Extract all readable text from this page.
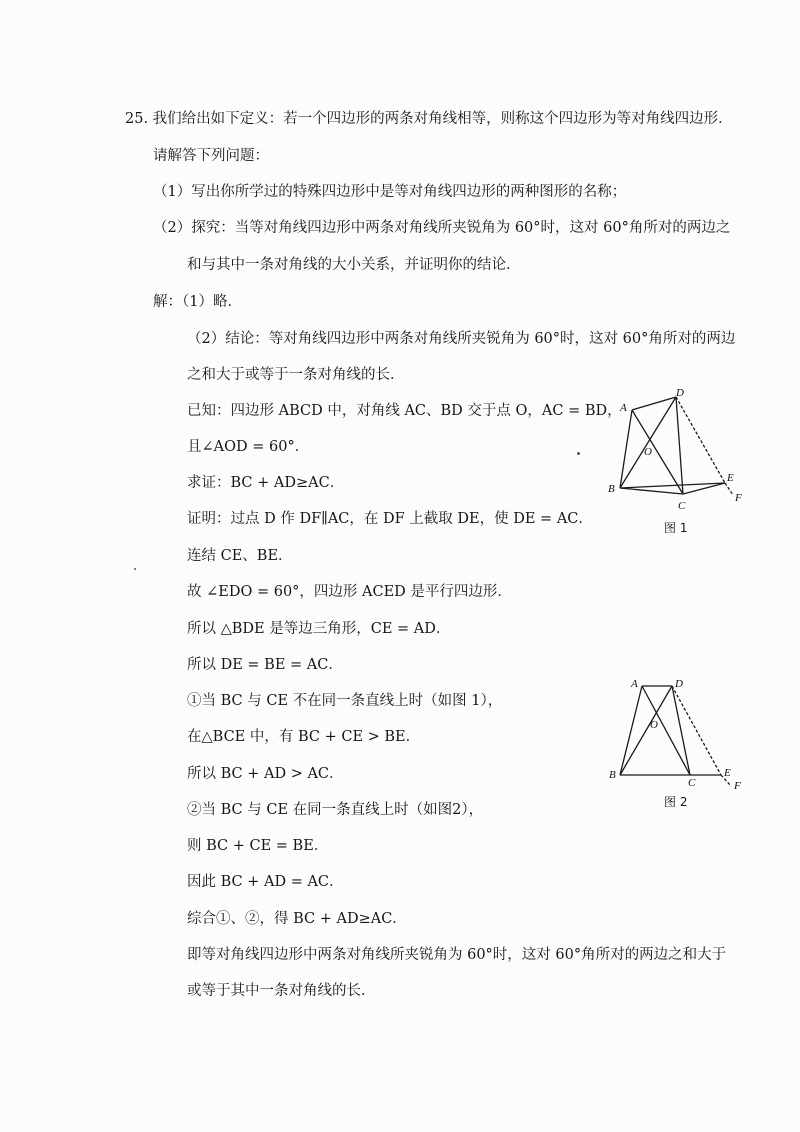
25. 我们给出如下定义：若一个四边形的两条对角线相等，则称这个四边形为等对角线四边形．
请解答下列问题：
（1）写出你所学过的特殊四边形中是等对角线四边形的两种图形的名称；
（2）探究：当等对角线四边形中两条对角线所夹锐角为 60°时，这对 60°角所对的两边之
和与其中一条对角线的大小关系，并证明你的结论．
解：（1）略．
（2）结论：等对角线四边形中两条对角线所夹锐角为 60°时，这对 60°角所对的两边
之和大于或等于一条对角线的长．
已知：四边形 ABCD 中，对角线 AC、BD 交于点 O，AC = BD，
且∠AOD = 60°．
求证：BC + AD≥AC．
证明：过点 D 作 DF∥AC，在 DF 上截取 DE，使 DE = AC．
连结 CE、BE．
故 ∠EDO = 60°，四边形 ACED 是平行四边形．
所以 △BDE 是等边三角形，CE = AD．
所以 DE = BE = AC．
①当 BC 与 CE 不在同一条直线上时（如图 1），
在△BCE 中，有 BC + CE > BE．
所以 BC + AD > AC．
②当 BC 与 CE 在同一条直线上时（如图2），
则 BC + CE = BE．
因此 BC + AD = AC．
综合①、②，得 BC + AD≥AC．
即等对角线四边形中两条对角线所夹锐角为 60°时，这对 60°角所对的两边之和大于
或等于其中一条对角线的长．
A
D
O
B
C
E
F
图 1
A	D
O
B
C
E
F
图 2
